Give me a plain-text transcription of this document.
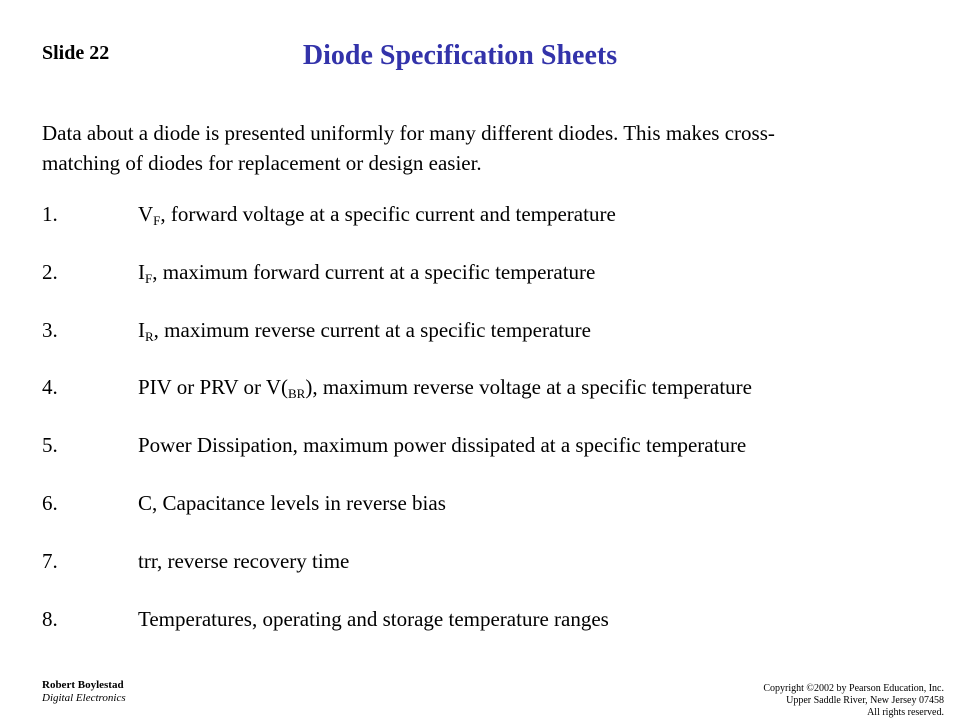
Slide 22	Diode Specification Sheets
Data about a diode is presented uniformly for many different diodes. This makes cross-
matching of diodes for replacement or design easier.
1.	$V_F$, forward voltage at a specific current and temperature
2.	$I_F$, maximum forward current at a specific temperature
3.	$I_R$, maximum reverse current at a specific temperature
4.	PIV or PRV or $V(_{BR})$, maximum reverse voltage at a specific temperature
5.	Power Dissipation, maximum power dissipated at a specific temperature
6.	C, Capacitance levels in reverse bias
7.	trr, reverse recovery time
8.	Temperatures, operating and storage temperature ranges
Robert Boylestad
Digital Electronics
Copyright ©2002 by Pearson Education, Inc.
Upper Saddle River, New Jersey 07458
All rights reserved.
